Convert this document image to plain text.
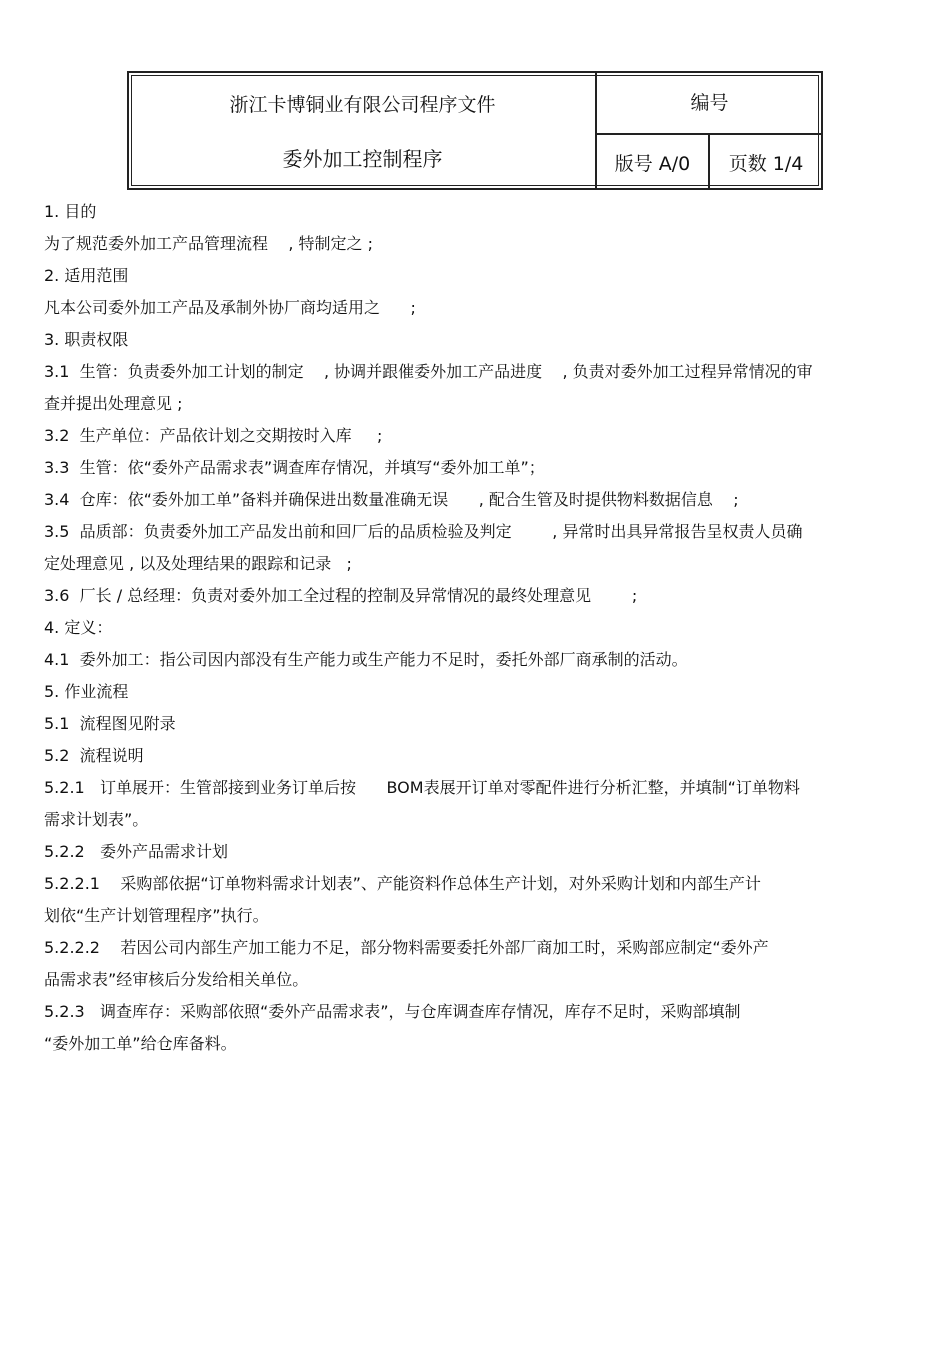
浙江卡博铜业有限公司程序文件
委外加工控制程序
编号
版号 A/0	页数 1/4

1. 目的

为了规范委外加工产品管理流程    , 特制定之 ;

2. 适用范围

凡本公司委外加工产品及承制外协厂商均适用之      ;

3. 职责权限

3.1  生管：负责委外加工计划的制定    , 协调并跟催委外加工产品进度    , 负责对委外加工过程异常情况的审

查并提出处理意见 ;

3.2  生产单位：产品依计划之交期按时入库     ;

3.3  生管：依“委外产品需求表”调查库存情况，并填写“委外加工单”；

3.4  仓库：依“委外加工单”备料并确保进出数量准确无误      , 配合生管及时提供物料数据信息    ;

3.5  品质部：负责委外加工产品发出前和回厂后的品质检验及判定        , 异常时出具异常报告呈权责人员确

定处理意见 , 以及处理结果的跟踪和记录   ;

3.6  厂长 / 总经理：负责对委外加工全过程的控制及异常情况的最终处理意见        ;

4. 定义：

4.1  委外加工：指公司因内部没有生产能力或生产能力不足时，委托外部厂商承制的活动。

5. 作业流程

5.1  流程图见附录

5.2  流程说明

5.2.1   订单展开：生管部接到业务订单后按      BOM表展开订单对零配件进行分析汇整，并填制“订单物料

需求计划表”。

5.2.2   委外产品需求计划

5.2.2.1    采购部依据“订单物料需求计划表”、产能资料作总体生产计划，对外采购计划和内部生产计

划依“生产计划管理程序”执行。

5.2.2.2    若因公司内部生产加工能力不足，部分物料需要委托外部厂商加工时，采购部应制定“委外产

品需求表”经审核后分发给相关单位。

5.2.3   调查库存：采购部依照“委外产品需求表”，与仓库调查库存情况，库存不足时，采购部填制

“委外加工单”给仓库备料。
